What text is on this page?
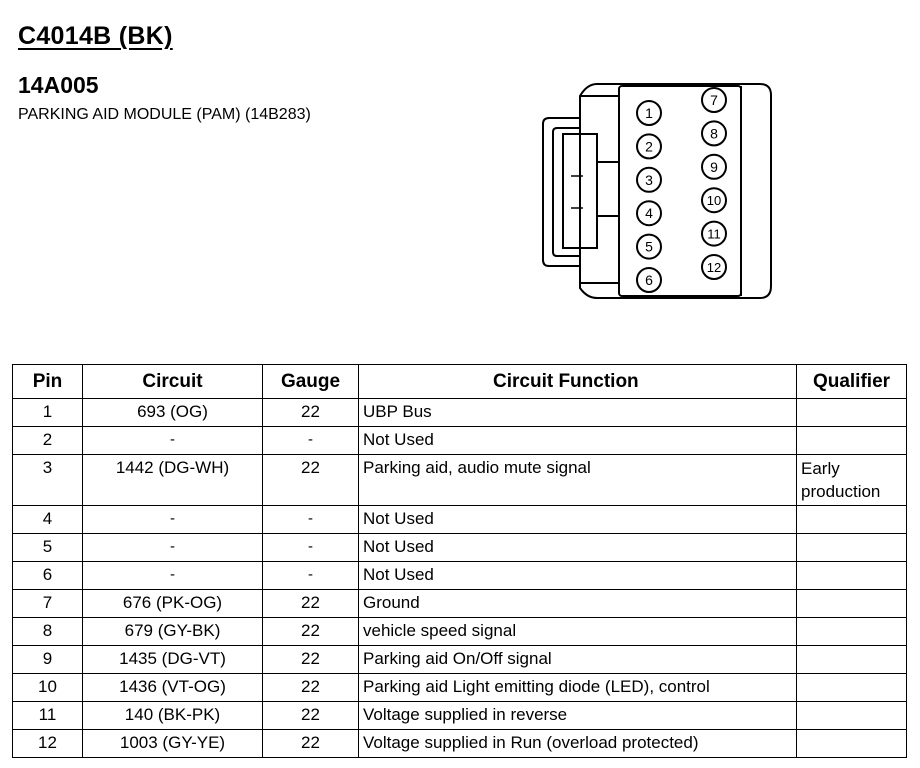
C4014B (BK)
14A005
PARKING AID MODULE (PAM) (14B283)	1
2
3
4
5
6
7
8
9
10
11
12
Pin	Circuit	Gauge	Circuit Function	Qualifier
1	693 (OG)	22	UBP Bus	
2	-	-	Not Used	
3	1442 (DG-WH)	22	Parking aid, audio mute signal	Early production
4	-	-	Not Used	
5	-	-	Not Used	
6	-	-	Not Used	
7	676 (PK-OG)	22	Ground	
8	679 (GY-BK)	22	vehicle speed signal	
9	1435 (DG-VT)	22	Parking aid On/Off signal	
10	1436 (VT-OG)	22	Parking aid Light emitting diode (LED), control	
11	140 (BK-PK)	22	Voltage supplied in reverse	
12	1003 (GY-YE)	22	Voltage supplied in Run (overload protected)	
